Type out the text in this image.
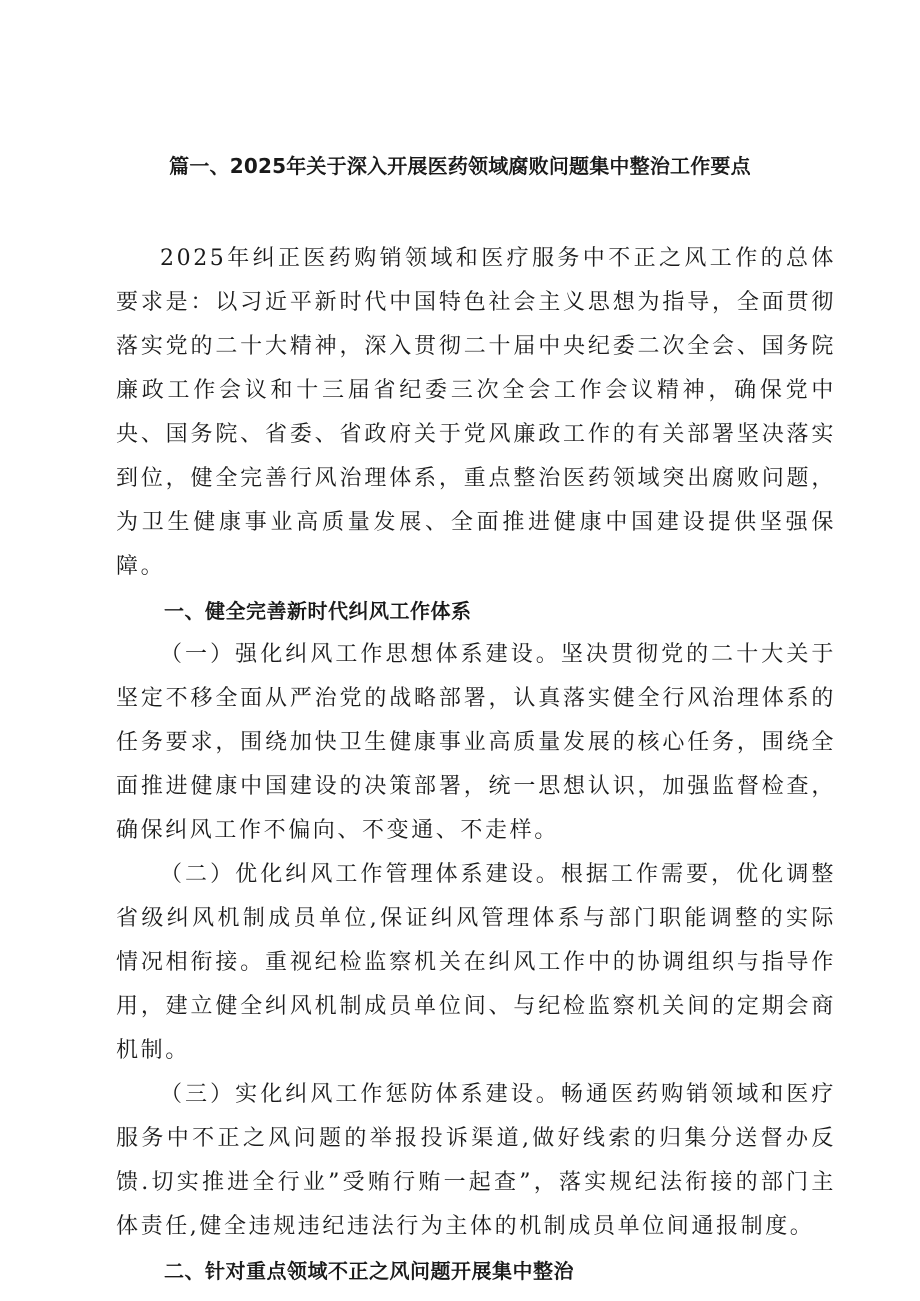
篇一、2025年关于深入开展医药领域腐败问题集中整治工作要点

2025年纠正医药购销领域和医疗服务中不正之风工作的总体要求是：以习近平新时代中国特色社会主义思想为指导，全面贯彻落实党的二十大精神，深入贯彻二十届中央纪委二次全会、国务院廉政工作会议和十三届省纪委三次全会工作会议精神，确保党中央、国务院、省委、省政府关于党风廉政工作的有关部署坚决落实到位，健全完善行风治理体系，重点整治医药领域突出腐败问题，为卫生健康事业高质量发展、全面推进健康中国建设提供坚强保障。

一、健全完善新时代纠风工作体系

（一）强化纠风工作思想体系建设。坚决贯彻党的二十大关于坚定不移全面从严治党的战略部署，认真落实健全行风治理体系的任务要求，围绕加快卫生健康事业高质量发展的核心任务，围绕全面推进健康中国建设的决策部署，统一思想认识，加强监督检查，确保纠风工作不偏向、不变通、不走样。

（二）优化纠风工作管理体系建设。根据工作需要，优化调整省级纠风机制成员单位,保证纠风管理体系与部门职能调整的实际情况相衔接。重视纪检监察机关在纠风工作中的协调组织与指导作用，建立健全纠风机制成员单位间、与纪检监察机关间的定期会商机制。

（三）实化纠风工作惩防体系建设。畅通医药购销领域和医疗服务中不正之风问题的举报投诉渠道,做好线索的归集分送督办反馈.切实推进全行业”受贿行贿一起查”，落实规纪法衔接的部门主体责任,健全违规违纪违法行为主体的机制成员单位间通报制度。

二、针对重点领域不正之风问题开展集中整治
